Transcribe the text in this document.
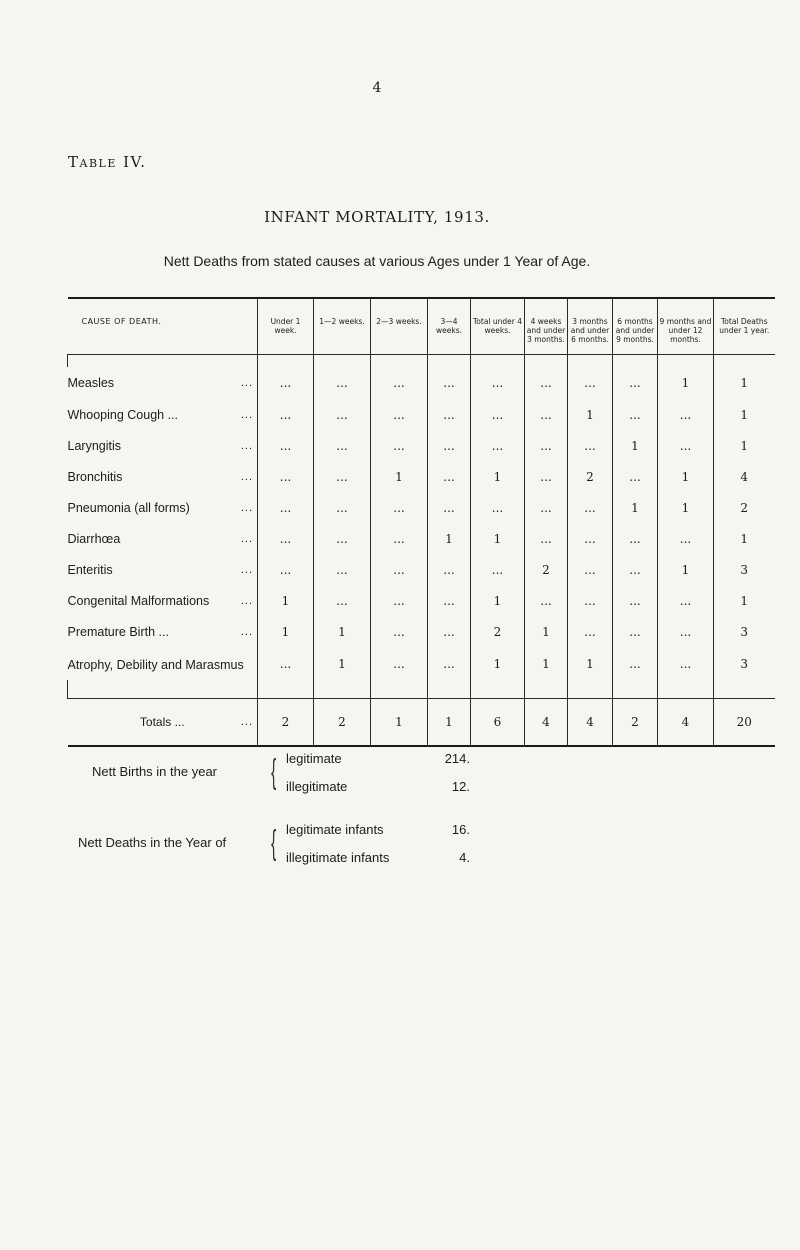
4
Table IV.
INFANT MORTALITY, 1913.
Nett Deaths from stated causes at various Ages under 1 Year of Age.
CAUSE OF DEATH.	Under 1 week.	1—2 weeks.	2—3 weeks.	3—4 weeks.	Total under 4 weeks.	4 weeks and under 3 months.	3 months and under 6 months.	6 months and under 9 months.	9 months and under 12 months.	Total Deaths under 1 year.

Measles ...	...	...	...	...	...	...	...	...	1	1
Whooping Cough ... ...	...	...	...	...	...	...	1	...	...	1
Laryngitis ...	...	...	...	...	...	...	...	1	...	1
Bronchitis ...	...	...	1	...	1	...	2	...	1	4
Pneumonia (all forms) ...	...	...	...	...	...	...	...	1	1	2
Diarrhœa ...	...	...	...	1	1	...	...	...	...	1
Enteritis ...	...	...	...	...	...	2	...	...	1	3
Congenital Malformations ...	1	...	...	...	1	...	...	...	...	1
Premature Birth ... ...	1	1	...	...	2	1	...	...	...	3
Atrophy, Debility and Marasmus	...	1	...	...	1	1	1	...	...	3

Totals ... ...	2	2	1	1	6	4	4	2	4	20
Nett Births in the year { legitimate	214.
illegitimate	12.
Nett Deaths in the Year of { legitimate infants	16.
illegitimate infants	4.
